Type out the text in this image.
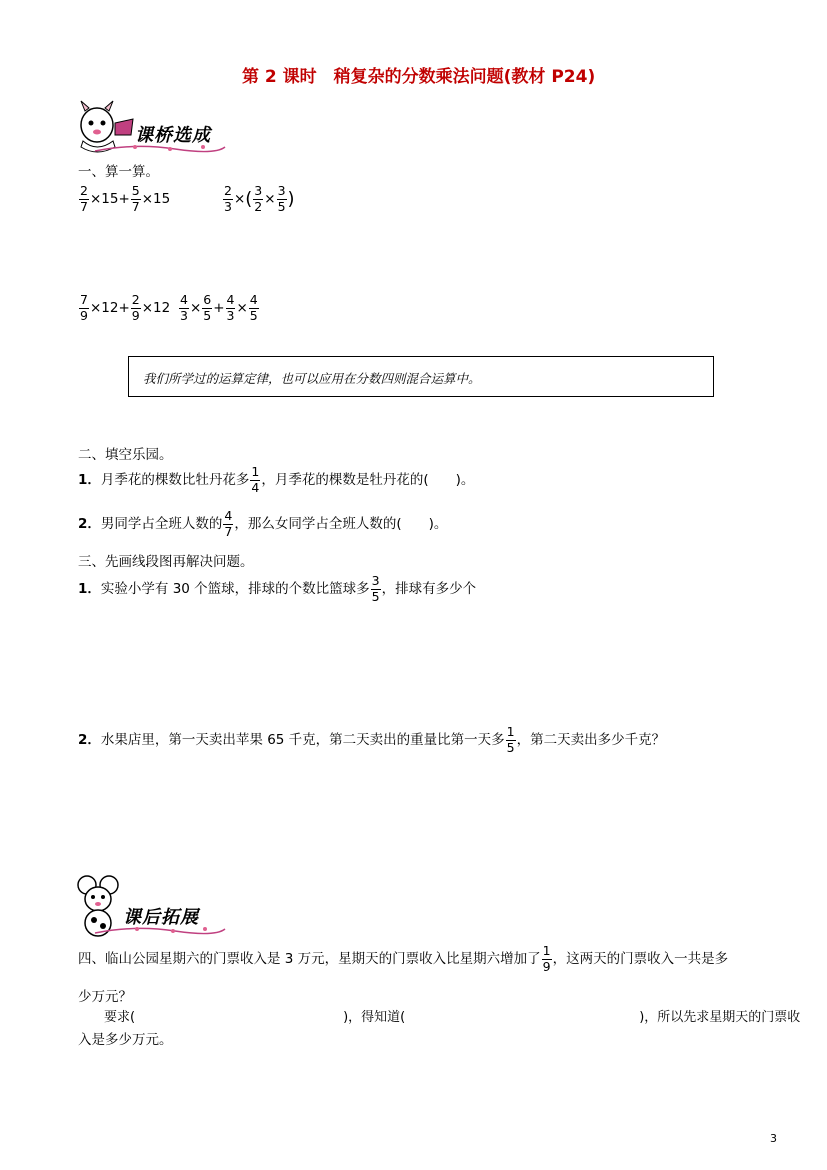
第 2 课时　稍复杂的分数乘法问题(教材 P24)
课桥选成
一、算一算。
$\frac{2}{7} \times 15+ \frac{5}{7} \times 15$	$\frac{2}{3}$ ×( $\frac{3}{2} \times \frac{3}{5}$ )
$\frac{7}{9} \times 12+ \frac{2}{9} \times 12 \frac{4}{3} \times \frac{6}{5} + \frac{4}{3} \times \frac{4}{5}$
我们所学过的运算定律，也可以应用在分数四则混合运算中。
二、填空乐园。
1．月季花的棵数比牡丹花多 $\frac{1}{4}$ ，月季花的棵数是牡丹花的(　　)。
2．男同学占全班人数的 $\frac{4}{7}$ ，那么女同学占全班人数的(　　)。
三、先画线段图再解决问题。
1．实验小学有 30 个篮球，排球的个数比篮球多 $\frac{3}{5}$ ，排球有多少个
2．水果店里，第一天卖出苹果 65 千克，第二天卖出的重量比第一天多 $\frac{1}{5}$ ，第二天卖出多少千克？
课后拓展
四、临山公园星期六的门票收入是 3 万元，星期天的门票收入比星期六增加了 $\frac{1}{9}$ ，这两天的门票收入一共是多
少万元？
　　要求(　　　　　　　　　　　　　　　　)，得知道(　　　　　　　　　　　　　　　　　　)，所以先求星期天的门票收
入是多少万元。
3
